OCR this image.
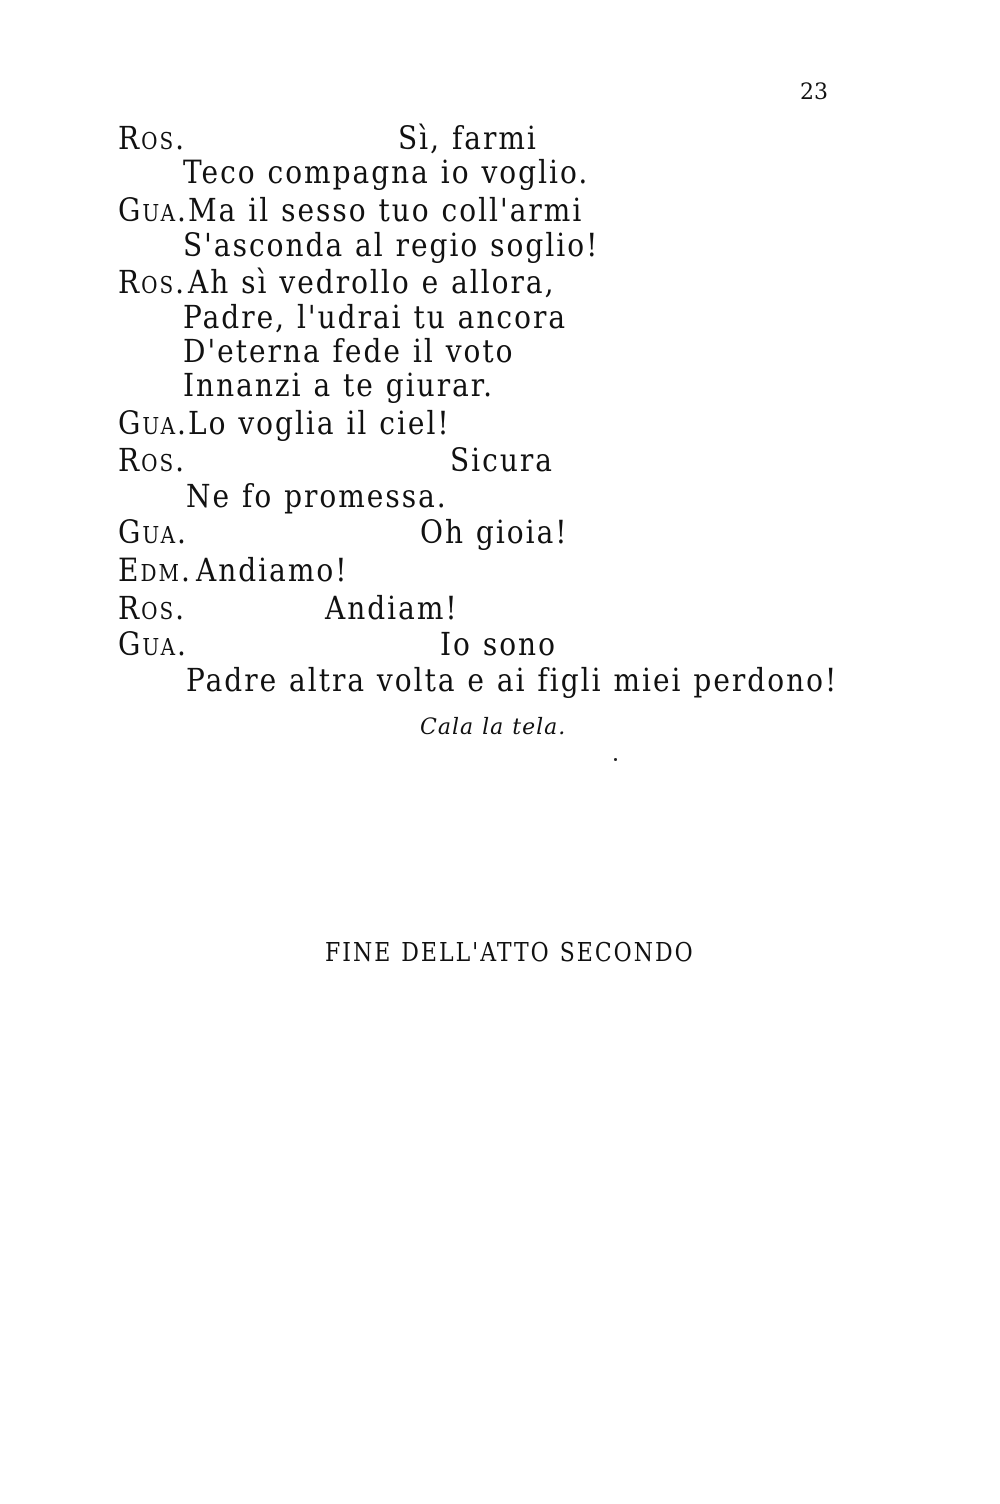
23
Ros.	Sì, farmi
Teco compagna io voglio.
Gua. Ma il sesso tuo coll'armi
S'asconda al regio soglio!
Ros. Ah sì vedrollo e allora,
Padre, l'udrai tu ancora
D'eterna fede il voto
Innanzi a te giurar.
Gua. Lo voglia il ciel!
Ros.	Sicura
Ne fo promessa.
Gua.	Oh gioia!
Edm. Andiamo!
Ros.	Andiam!
Gua.	Io sono
Padre altra volta e ai figli miei perdono!
Cala la tela.
FINE DELL'ATTO SECONDO
